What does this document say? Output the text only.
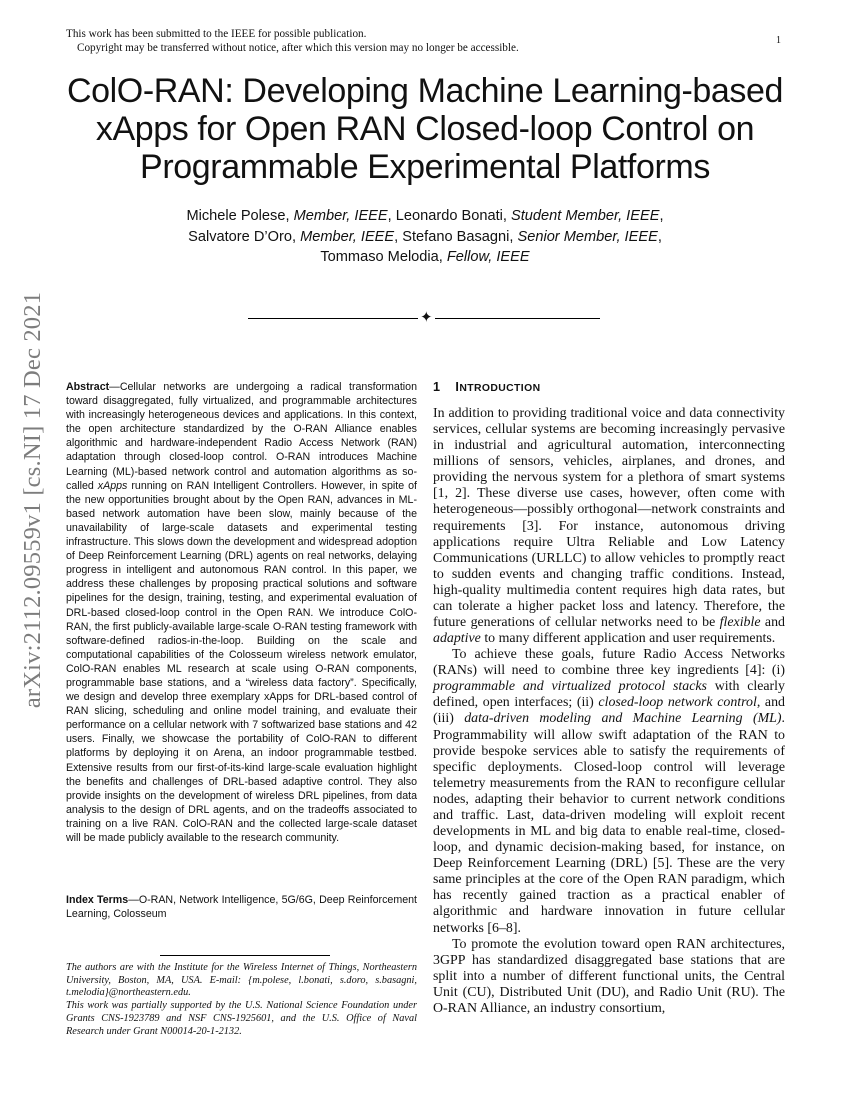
This work has been submitted to the IEEE for possible publication.
Copyright may be transferred without notice, after which this version may no longer be accessible.
1
arXiv:2112.09559v1 [cs.NI] 17 Dec 2021
ColO-RAN: Developing Machine Learning-based
xApps for Open RAN Closed-loop Control on
Programmable Experimental Platforms
Michele Polese, Member, IEEE, Leonardo Bonati, Student Member, IEEE,
Salvatore D’Oro, Member, IEEE, Stefano Basagni, Senior Member, IEEE,
Tommaso Melodia, Fellow, IEEE
✦
Abstract—Cellular networks are undergoing a radical transformation toward disaggregated, fully virtualized, and programmable architectures with increasingly heterogeneous devices and applications. In this context, the open architecture standardized by the O-RAN Alliance enables algorithmic and hardware-independent Radio Access Network (RAN) adaptation through closed-loop control. O-RAN introduces Machine Learning (ML)-based network control and automation algorithms as so-called xApps running on RAN Intelligent Controllers. However, in spite of the new opportunities brought about by the Open RAN, advances in ML-based network automation have been slow, mainly because of the unavailability of large-scale datasets and experimental testing infrastructure. This slows down the development and widespread adoption of Deep Reinforcement Learning (DRL) agents on real networks, delaying progress in intelligent and autonomous RAN control. In this paper, we address these challenges by proposing practical solutions and software pipelines for the design, training, testing, and experimental evaluation of DRL-based closed-loop control in the Open RAN. We introduce ColO-RAN, the first publicly-available large-scale O-RAN testing framework with software-defined radios-in-the-loop. Building on the scale and computational capabilities of the Colosseum wireless network emulator, ColO-RAN enables ML research at scale using O-RAN components, programmable base stations, and a “wireless data factory”. Specifically, we design and develop three exemplary xApps for DRL-based control of RAN slicing, scheduling and online model training, and evaluate their performance on a cellular network with 7 softwarized base stations and 42 users. Finally, we showcase the portability of ColO-RAN to different platforms by deploying it on Arena, an indoor programmable testbed. Extensive results from our first-of-its-kind large-scale evaluation highlight the benefits and challenges of DRL-based adaptive control. They also provide insights on the development of wireless DRL pipelines, from data analysis to the design of DRL agents, and on the tradeoffs associated to training on a live RAN. ColO-RAN and the collected large-scale dataset will be made publicly available to the research community.
Index Terms—O-RAN, Network Intelligence, 5G/6G, Deep Reinforcement Learning, Colosseum
The authors are with the Institute for the Wireless Internet of Things, Northeastern University, Boston, MA, USA. E-mail: {m.polese, l.bonati, s.doro, s.basagni, t.melodia}@northeastern.edu.
This work was partially supported by the U.S. National Science Foundation under Grants CNS-1923789 and NSF CNS-1925601, and the U.S. Office of Naval Research under Grant N00014-20-1-2132.
1 INTRODUCTION

In addition to providing traditional voice and data connectivity services, cellular systems are becoming increasingly pervasive in industrial and agricultural automation, interconnecting millions of sensors, vehicles, airplanes, and drones, and providing the nervous system for a plethora of smart systems [1, 2]. These diverse use cases, however, often come with heterogeneous—possibly orthogonal—network constraints and requirements [3]. For instance, autonomous driving applications require Ultra Reliable and Low Latency Communications (URLLC) to allow vehicles to promptly react to sudden events and changing traffic conditions. Instead, high-quality multimedia content requires high data rates, but can tolerate a higher packet loss and latency. Therefore, the future generations of cellular networks need to be flexible and adaptive to many different application and user requirements.

To achieve these goals, future Radio Access Networks (RANs) will need to combine three key ingredients [4]: (i) programmable and virtualized protocol stacks with clearly defined, open interfaces; (ii) closed-loop network control, and (iii) data-driven modeling and Machine Learning (ML). Programmability will allow swift adaptation of the RAN to provide bespoke services able to satisfy the requirements of specific deployments. Closed-loop control will leverage telemetry measurements from the RAN to reconfigure cellular nodes, adapting their behavior to current network conditions and traffic. Last, data-driven modeling will exploit recent developments in ML and big data to enable real-time, closed-loop, and dynamic decision-making based, for instance, on Deep Reinforcement Learning (DRL) [5]. These are the very same principles at the core of the Open RAN paradigm, which has recently gained traction as a practical enabler of algorithmic and hardware innovation in future cellular networks [6–8].

To promote the evolution toward open RAN architectures, 3GPP has standardized disaggregated base stations that are split into a number of different functional units, the Central Unit (CU), Distributed Unit (DU), and Radio Unit (RU). The O-RAN Alliance, an industry consortium,
